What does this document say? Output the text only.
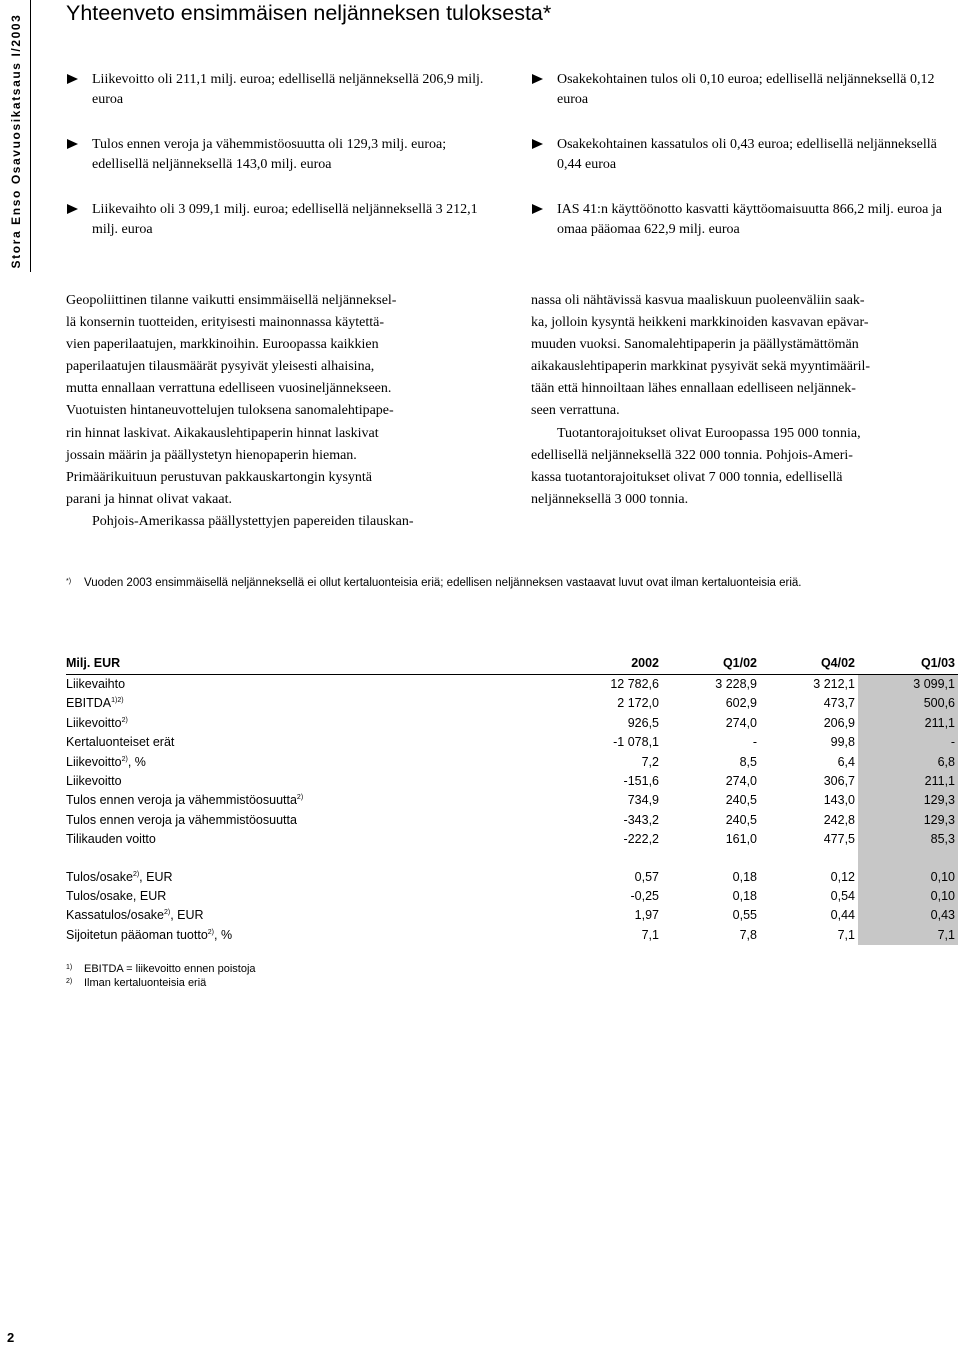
Stora Enso Osavuosikatsaus I/2003
Yhteenveto ensimmäisen neljänneksen tuloksesta*
Liikevoitto oli 211,1 milj. euroa; edellisellä neljänneksellä 206,9 milj. euroa
Tulos ennen veroja ja vähemmistöosuutta oli 129,3 milj. euroa; edellisellä neljänneksellä 143,0 milj. euroa
Liikevaihto oli 3 099,1 milj. euroa; edellisellä neljänneksellä 3 212,1 milj. euroa
Osakekohtainen tulos oli 0,10 euroa; edellisellä neljänneksellä 0,12 euroa
Osakekohtainen kassatulos oli 0,43 euroa; edellisellä neljänneksellä 0,44 euroa
IAS 41:n käyttöönotto kasvatti käyttöomaisuutta 866,2 milj. euroa ja omaa pääomaa 622,9 milj. euroa

Geopoliittinen tilanne vaikutti ensimmäisellä neljänneksel-
lä konsernin tuotteiden, erityisesti mainonnassa käytettä-
vien paperilaatujen, markkinoihin. Euroopassa kaikkien
paperilaatujen tilausmäärät pysyivät yleisesti alhaisina,
mutta ennallaan verrattuna edelliseen vuosineljännekseen.
Vuotuisten hintaneuvottelujen tuloksena sanomalehtipape-
rin hinnat laskivat. Aikakauslehtipaperin hinnat laskivat
jossain määrin ja päällystetyn hienopaperin hieman.
Primäärikuituun perustuvan pakkauskartongin kysyntä
parani ja hinnat olivat vakaat.

Pohjois-Amerikassa päällystettyjen papereiden tilauskan-

nassa oli nähtävissä kasvua maaliskuun puoleenväliin saak-
ka, jolloin kysyntä heikkeni markkinoiden kasvavan epävar-
muuden vuoksi. Sanomalehtipaperin ja päällystämättömän
aikakauslehtipaperin markkinat pysyivät sekä myyntimääril-
tään että hinnoiltaan lähes ennallaan edelliseen neljännek-
seen verrattuna.

Tuotantorajoitukset olivat Euroopassa 195 000 tonnia,
edellisellä neljänneksellä 322 000 tonnia. Pohjois-Ameri-
kassa tuotantorajoitukset olivat 7 000 tonnia, edellisellä
neljänneksellä 3 000 tonnia.

*) Vuoden 2003 ensimmäisellä neljänneksellä ei ollut kertaluonteisia eriä; edellisen neljänneksen vastaavat luvut ovat ilman kertaluonteisia eriä.
Milj. EUR	2002	Q1/02	Q4/02	Q1/03
Liikevaihto	12 782,6	3 228,9	3 212,1	3 099,1
$EBITDA^{1)2)}$	2 172,0	602,9	473,7	500,6
Liikevoitto$^{2)}$	926,5	274,0	206,9	211,1
Kertaluonteiset erät	-1 078,1	-	99,8	-
Liikevoitto$^{2)}$, %	7,2	8,5	6,4	6,8
Liikevoitto	-151,6	274,0	306,7	211,1
Tulos ennen veroja ja vähemmistöosuutta$^{2)}$	734,9	240,5	143,0	129,3
Tulos ennen veroja ja vähemmistöosuutta	-343,2	240,5	242,8	129,3
Tilikauden voitto	-222,2	161,0	477,5	85,3

Tulos/osake$^{2)}$, EUR	0,57	0,18	0,12	0,10
Tulos/osake, EUR	-0,25	0,18	0,54	0,10
Kassatulos/osake$^{2)}$, EUR	1,97	0,55	0,44	0,43
Sijoitetun pääoman tuotto$^{2)}$, %	7,1	7,8	7,1	7,1
1) EBITDA = liikevoitto ennen poistoja
2) Ilman kertaluonteisia eriä
2
